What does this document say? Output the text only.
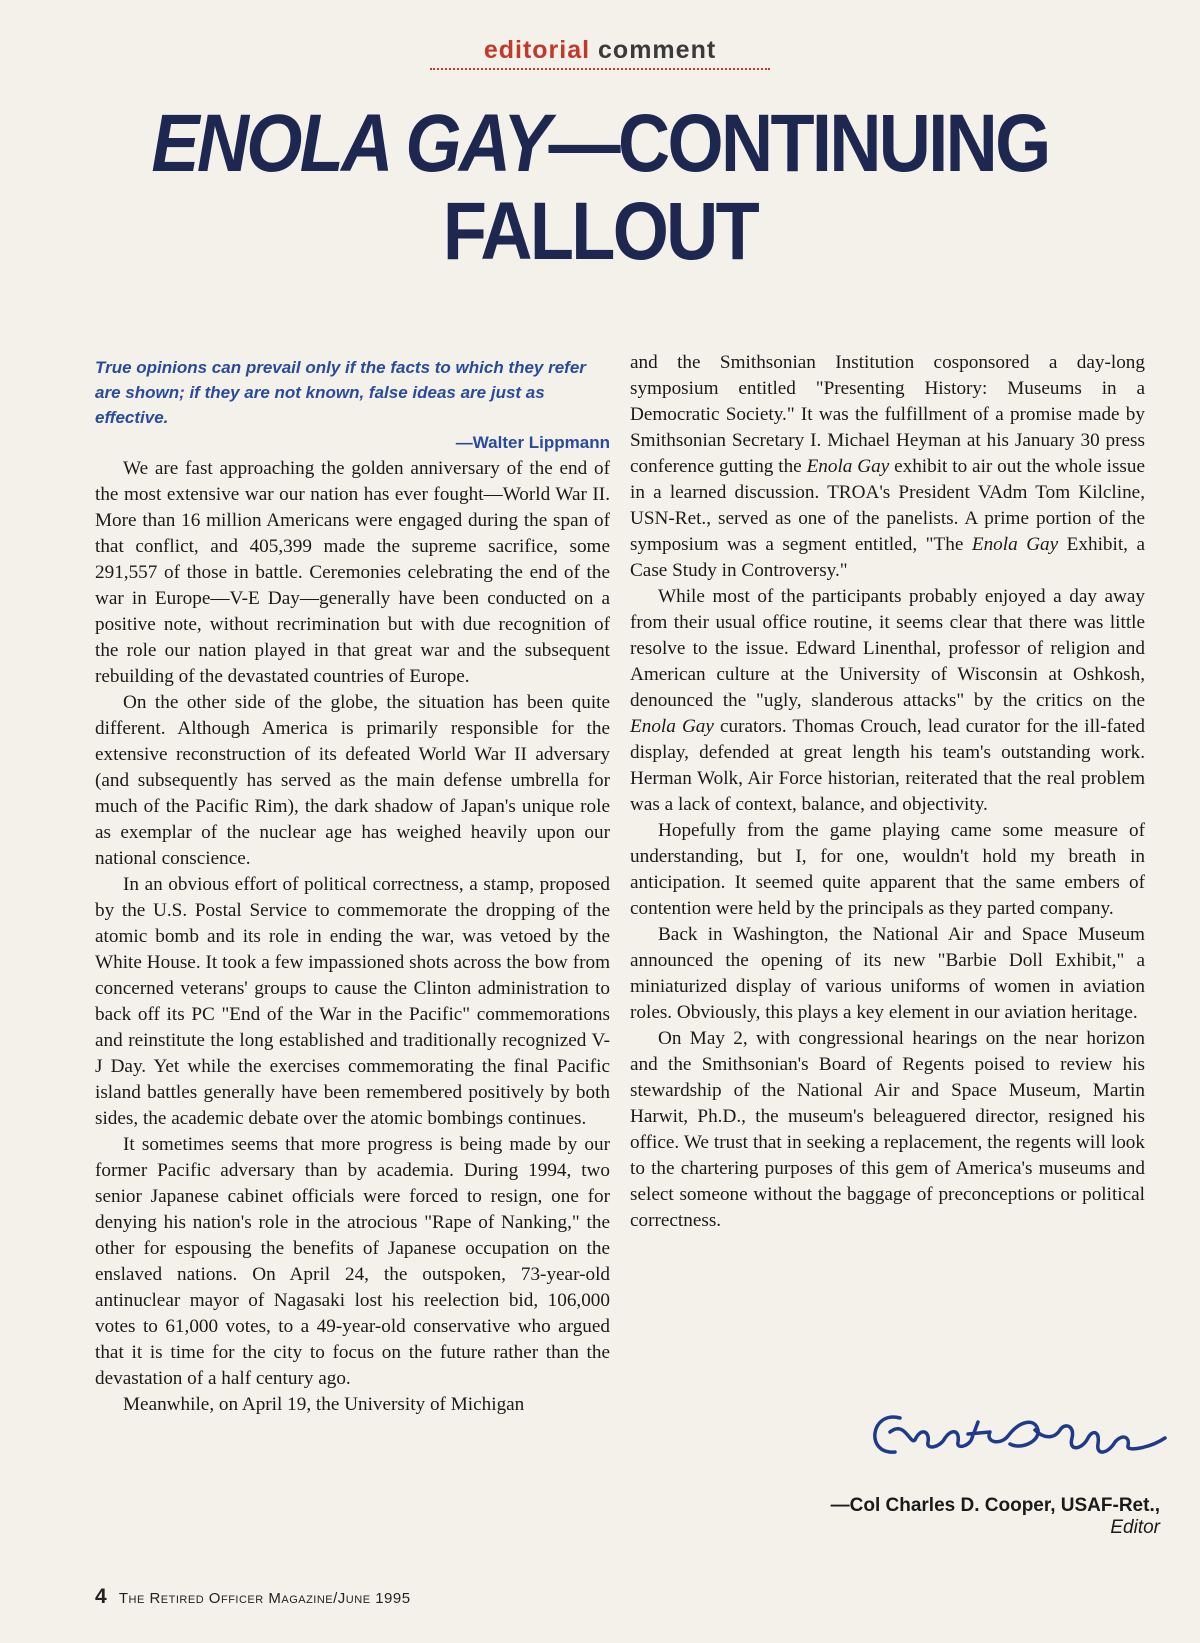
editorial comment
ENOLA GAY—CONTINUING
FALLOUT

True opinions can prevail only if the facts to which they refer are shown; if they are not known, false ideas are just as effective.

—Walter Lippmann

We are fast approaching the golden anniversary of the end of the most extensive war our nation has ever fought—World War II. More than 16 million Americans were engaged during the span of that conflict, and 405,399 made the supreme sacrifice, some 291,557 of those in battle. Ceremonies celebrating the end of the war in Europe—V-E Day—generally have been conducted on a positive note, without recrimination but with due recognition of the role our nation played in that great war and the subsequent rebuilding of the devastated countries of Europe.

On the other side of the globe, the situation has been quite different. Although America is primarily responsible for the extensive reconstruction of its defeated World War II adversary (and subsequently has served as the main defense umbrella for much of the Pacific Rim), the dark shadow of Japan's unique role as exemplar of the nuclear age has weighed heavily upon our national conscience.

In an obvious effort of political correctness, a stamp, proposed by the U.S. Postal Service to commemorate the dropping of the atomic bomb and its role in ending the war, was vetoed by the White House. It took a few impassioned shots across the bow from concerned veterans' groups to cause the Clinton administration to back off its PC "End of the War in the Pacific" commemorations and reinstitute the long established and traditionally recognized V-J Day. Yet while the exercises commemorating the final Pacific island battles generally have been remembered positively by both sides, the academic debate over the atomic bombings continues.

It sometimes seems that more progress is being made by our former Pacific adversary than by academia. During 1994, two senior Japanese cabinet officials were forced to resign, one for denying his nation's role in the atrocious "Rape of Nanking," the other for espousing the benefits of Japanese occupation on the enslaved nations. On April 24, the outspoken, 73-year-old antinuclear mayor of Nagasaki lost his reelection bid, 106,000 votes to 61,000 votes, to a 49-year-old conservative who argued that it is time for the city to focus on the future rather than the devastation of a half century ago.

Meanwhile, on April 19, the University of Michigan

and the Smithsonian Institution cosponsored a day-long symposium entitled "Presenting History: Museums in a Democratic Society." It was the fulfillment of a promise made by Smithsonian Secretary I. Michael Heyman at his January 30 press conference gutting the Enola Gay exhibit to air out the whole issue in a learned discussion. TROA's President VAdm Tom Kilcline, USN-Ret., served as one of the panelists. A prime portion of the symposium was a segment entitled, "The Enola Gay Exhibit, a Case Study in Controversy."

While most of the participants probably enjoyed a day away from their usual office routine, it seems clear that there was little resolve to the issue. Edward Linenthal, professor of religion and American culture at the University of Wisconsin at Oshkosh, denounced the "ugly, slanderous attacks" by the critics on the Enola Gay curators. Thomas Crouch, lead curator for the ill-fated display, defended at great length his team's outstanding work. Herman Wolk, Air Force historian, reiterated that the real problem was a lack of context, balance, and objectivity.

Hopefully from the game playing came some measure of understanding, but I, for one, wouldn't hold my breath in anticipation. It seemed quite apparent that the same embers of contention were held by the principals as they parted company.

Back in Washington, the National Air and Space Museum announced the opening of its new "Barbie Doll Exhibit," a miniaturized display of various uniforms of women in aviation roles. Obviously, this plays a key element in our aviation heritage.

On May 2, with congressional hearings on the near horizon and the Smithsonian's Board of Regents poised to review his stewardship of the National Air and Space Museum, Martin Harwit, Ph.D., the museum's beleaguered director, resigned his office. We trust that in seeking a replacement, the regents will look to the chartering purposes of this gem of America's museums and select someone without the baggage of preconceptions or political correctness.

—Col Charles D. Cooper, USAF-Ret.,
Editor
4 The Retired Officer Magazine/June 1995
